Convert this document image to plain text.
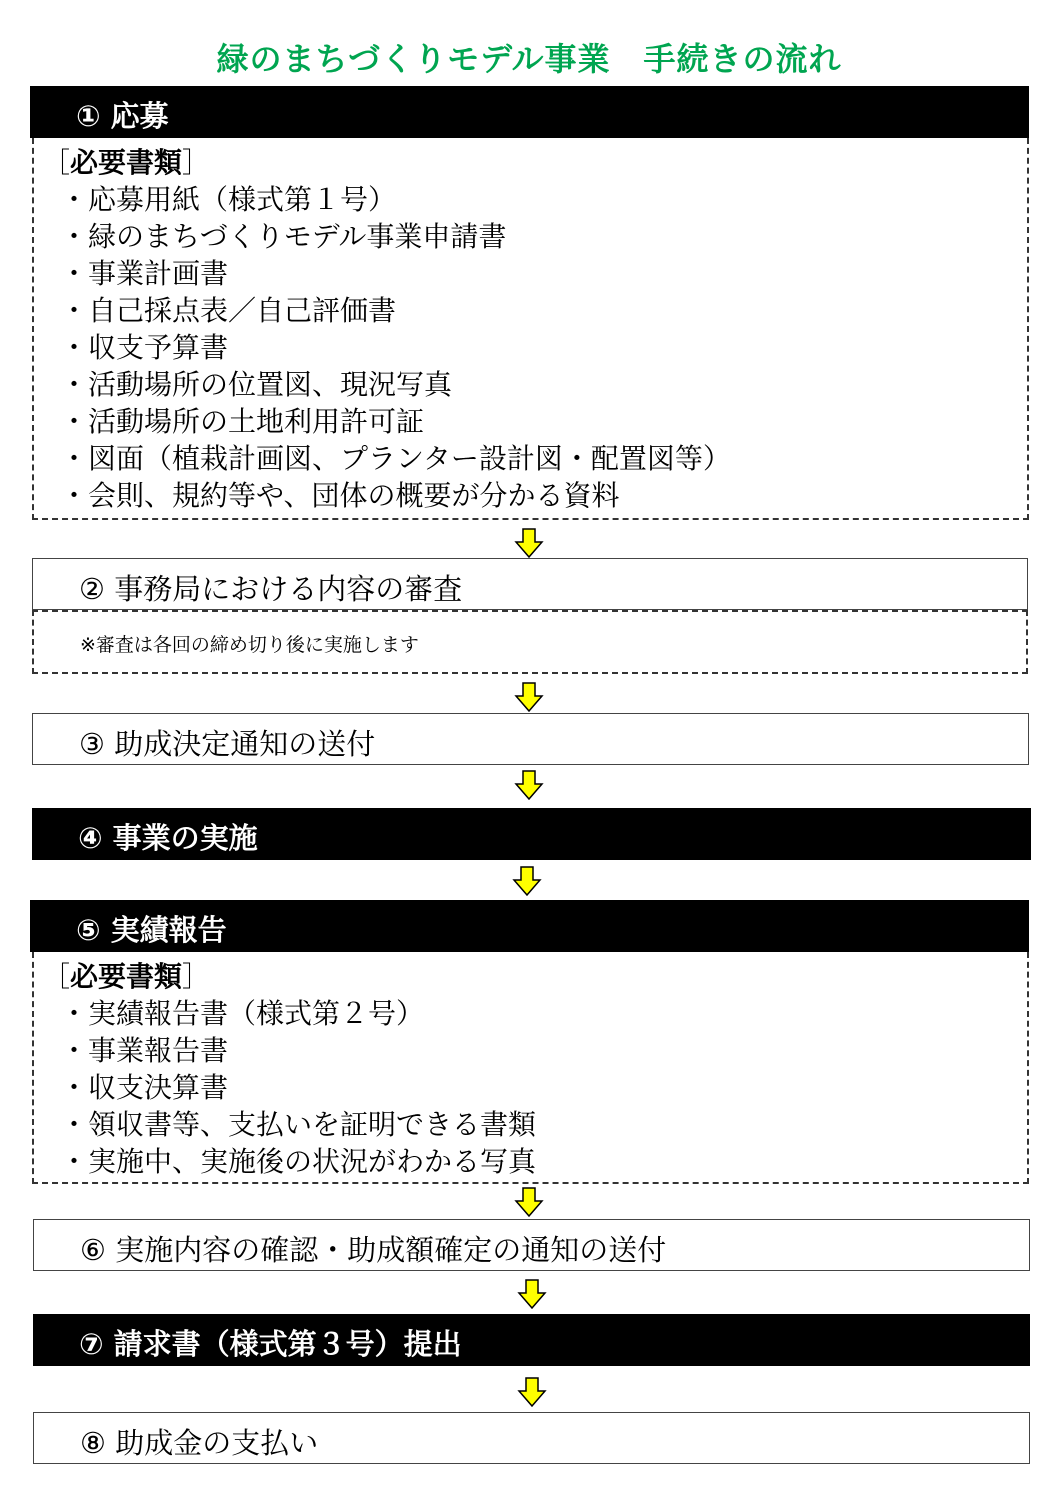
緑のまちづくりモデル事業　手続きの流れ
① 応募
［必要書類］
・応募用紙（様式第１号）
・緑のまちづくりモデル事業申請書
・事業計画書
・自己採点表／自己評価書
・収支予算書
・活動場所の位置図、現況写真
・活動場所の土地利用許可証
・図面（植栽計画図、プランター設計図・配置図等）
・会則、規約等や、団体の概要が分かる資料
② 事務局における内容の審査
※審査は各回の締め切り後に実施します
③ 助成決定通知の送付
④ 事業の実施
⑤ 実績報告
［必要書類］
・実績報告書（様式第２号）
・事業報告書
・収支決算書
・領収書等、支払いを証明できる書類
・実施中、実施後の状況がわかる写真
⑥ 実施内容の確認・助成額確定の通知の送付
⑦ 請求書（様式第３号）提出
⑧ 助成金の支払い
